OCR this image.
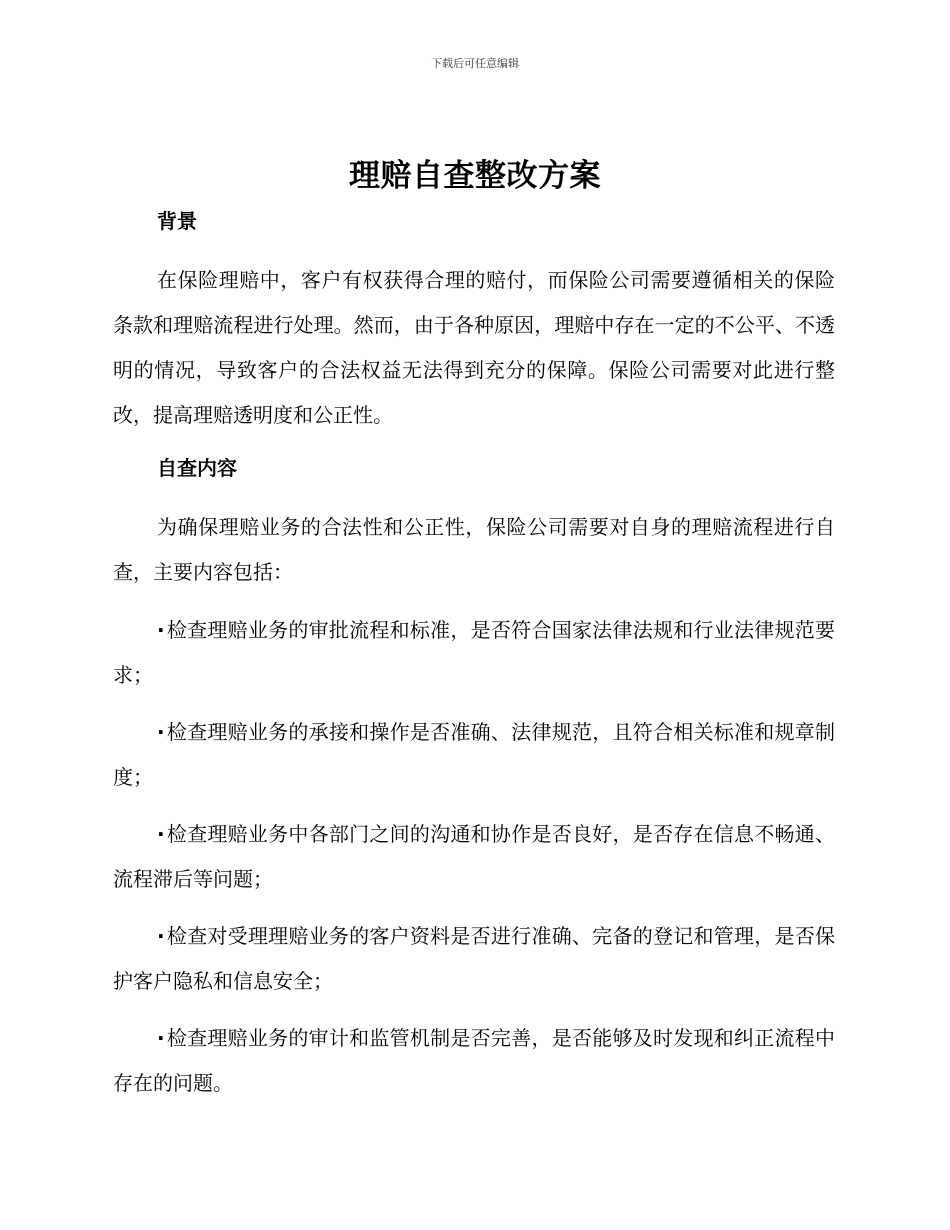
下载后可任意编辑
理赔自查整改方案
背景

在保险理赔中，客户有权获得合理的赔付，而保险公司需要遵循相关的保险条款和理赔流程进行处理。然而，由于各种原因，理赔中存在一定的不公平、不透明的情况，导致客户的合法权益无法得到充分的保障。保险公司需要对此进行整改，提高理赔透明度和公正性。

自查内容

为确保理赔业务的合法性和公正性，保险公司需要对自身的理赔流程进行自查，主要内容包括：

· 检查理赔业务的审批流程和标准，是否符合国家法律法规和行业法律规范要求；
· 检查理赔业务的承接和操作是否准确、法律规范，且符合相关标准和规章制度；
· 检查理赔业务中各部门之间的沟通和协作是否良好，是否存在信息不畅通、流程滞后等问题；
· 检查对受理理赔业务的客户资料是否进行准确、完备的登记和管理，是否保护客户隐私和信息安全；
· 检查理赔业务的审计和监管机制是否完善，是否能够及时发现和纠正流程中存在的问题。
